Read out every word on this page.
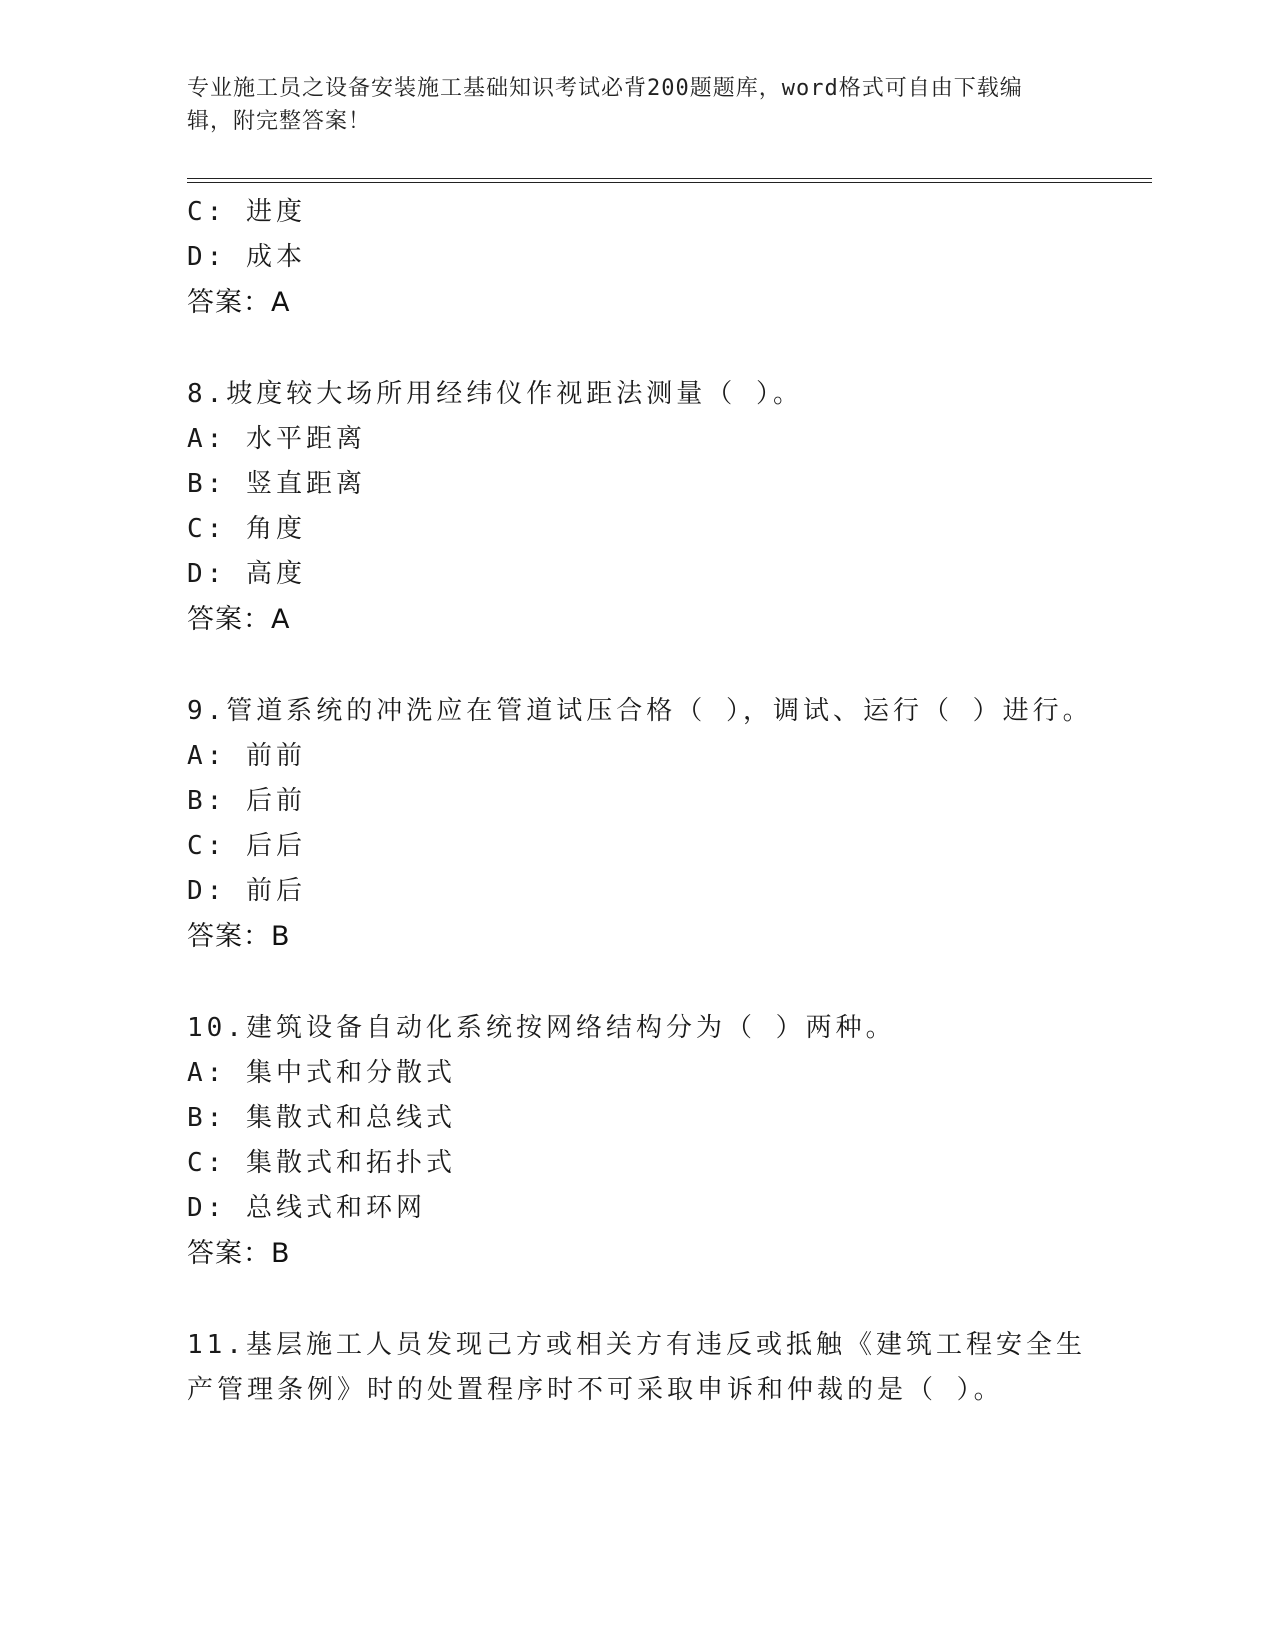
专业施工员之设备安装施工基础知识考试必背200题题库，word格式可自由下载编辑，附完整答案！
C: 进度
D: 成本
答案：A
8.坡度较大场所用经纬仪作视距法测量（ ）。
A: 水平距离
B: 竖直距离
C: 角度
D: 高度
答案：A
9.管道系统的冲洗应在管道试压合格（ ），调试、运行（ ）进行。
A: 前前
B: 后前
C: 后后
D: 前后
答案：B
10.建筑设备自动化系统按网络结构分为（ ）两种。
A: 集中式和分散式
B: 集散式和总线式
C: 集散式和拓扑式
D: 总线式和环网
答案：B
11.基层施工人员发现己方或相关方有违反或抵触《建筑工程安全生产管理条例》时的处置程序时不可采取申诉和仲裁的是（ ）。
